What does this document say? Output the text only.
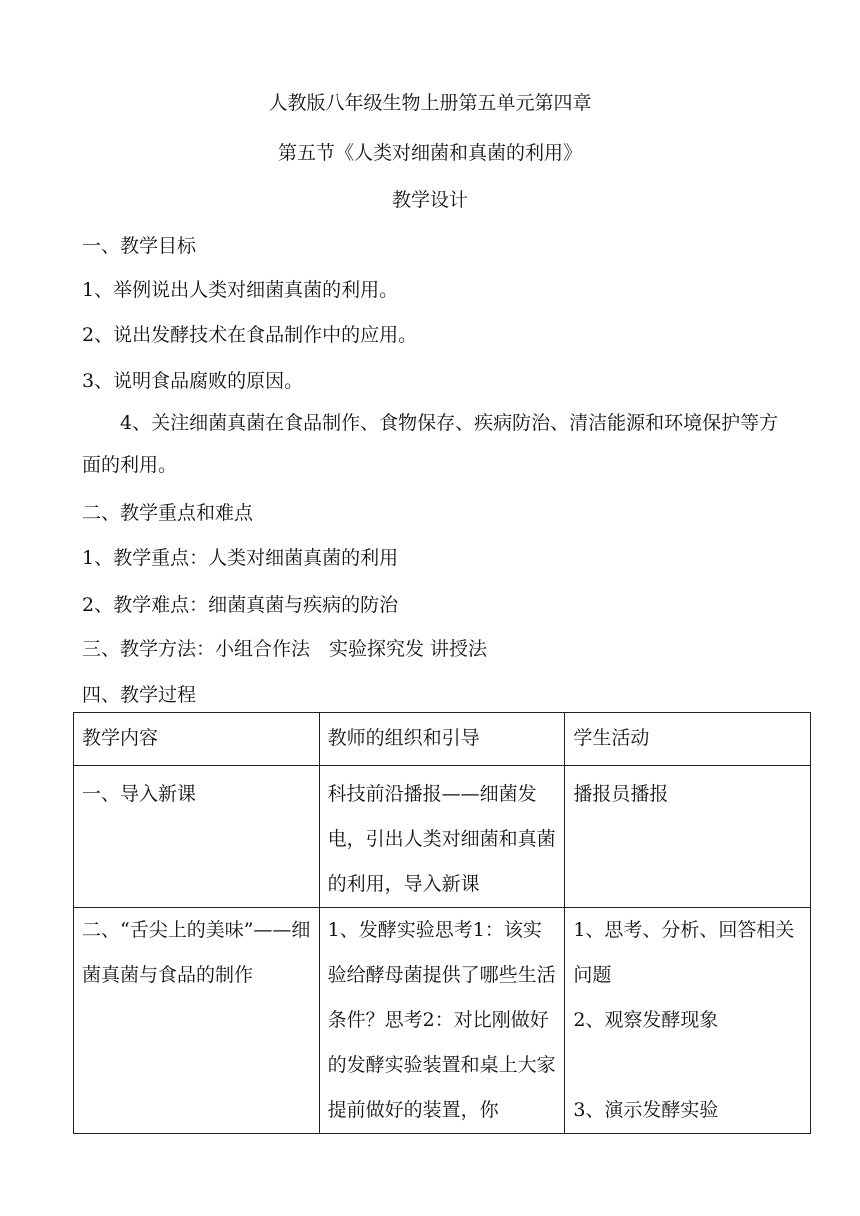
人教版八年级生物上册第五单元第四章
第五节《人类对细菌和真菌的利用》
教学设计
一、教学目标
1、举例说出人类对细菌真菌的利用。
2、说出发酵技术在食品制作中的应用。
3、说明食品腐败的原因。
4、关注细菌真菌在食品制作、食物保存、疾病防治、清洁能源和环境保护等方面的利用。
二、教学重点和难点
1、教学重点：人类对细菌真菌的利用
2、教学难点：细菌真菌与疾病的防治
三、教学方法：小组合作法　实验探究发 讲授法
四、教学过程
教学内容	教师的组织和引导	学生活动
一、导入新课	科技前沿播报——细菌发电，引出人类对细菌和真菌的利用，导入新课	播报员播报
二、“舌尖上的美味”——细菌真菌与食品的制作	1、发酵实验思考1：该实验给酵母菌提供了哪些生活条件？思考2：对比刚做好的发酵实验装置和桌上大家提前做好的装置，你	1、思考、分析、回答相关问题
2、观察发酵现象
3、演示发酵实验
